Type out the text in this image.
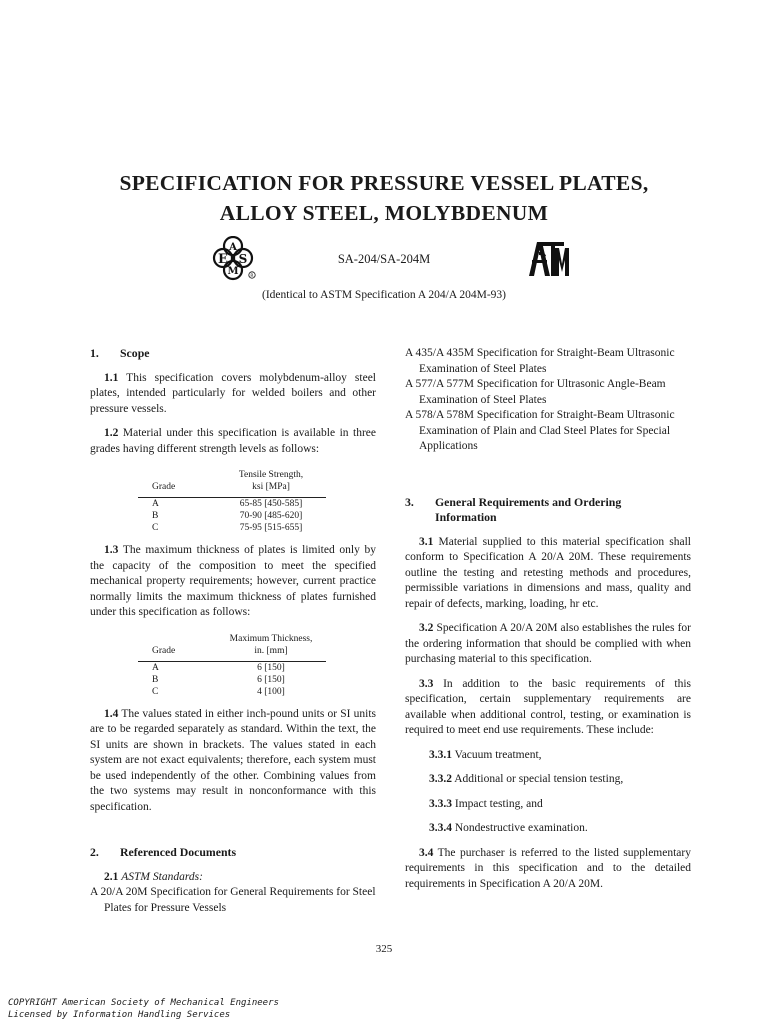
SPECIFICATION FOR PRESSURE VESSEL PLATES,
ALLOY STEEL, MOLYBDENUM
A
E S
M	R
SA-204/SA-204M
(Identical to ASTM Specification A 204/A 204M-93)
1.	Scope

1.1 This specification covers molybdenum-alloy steel plates, intended particularly for welded boilers and other pressure vessels.

1.2 Material under this specification is available in three grades having different strength levels as follows:

Grade	Tensile Strength,
ksi [MPa]

A	65-85 [450-585]
B	70-90 [485-620]
C	75-95 [515-655]

1.3 The maximum thickness of plates is limited only by the capacity of the composition to meet the specified mechanical property requirements; however, current practice normally limits the maximum thickness of plates furnished under this specification as follows:

Grade	Maximum Thickness,
in. [mm]

A	6 [150]
B	6 [150]
C	4 [100]

1.4 The values stated in either inch-pound units or SI units are to be regarded separately as standard. Within the text, the SI units are shown in brackets. The values stated in each system are not exact equivalents; therefore, each system must be used independently of the other. Combining values from the two systems may result in nonconformance with this specification.

2.	Referenced Documents

2.1 ASTM Standards:

A 20/A 20M Specification for General Requirements for Steel Plates for Pressure Vessels

A 435/A 435M Specification for Straight-Beam Ultrasonic Examination of Steel Plates

A 577/A 577M Specification for Ultrasonic Angle-Beam Examination of Steel Plates

A 578/A 578M Specification for Straight-Beam Ultrasonic Examination of Plain and Clad Steel Plates for Special Applications

3.	General Requirements and Ordering
Information

3.1 Material supplied to this material specification shall conform to Specification A 20/A 20M. These requirements outline the testing and retesting methods and procedures, permissible variations in dimensions and mass, quality and repair of defects, marking, loading, hr etc.

3.2 Specification A 20/A 20M also establishes the rules for the ordering information that should be complied with when purchasing material to this specification.

3.3 In addition to the basic requirements of this specification, certain supplementary requirements are available when additional control, testing, or examination is required to meet end use requirements. These include:

3.3.1 Vacuum treatment,

3.3.2 Additional or special tension testing,

3.3.3 Impact testing, and

3.3.4 Nondestructive examination.

3.4 The purchaser is referred to the listed supplementary requirements in this specification and to the detailed requirements in Specification A 20/A 20M.

325
COPYRIGHT American Society of Mechanical Engineers
Licensed by Information Handling Services
